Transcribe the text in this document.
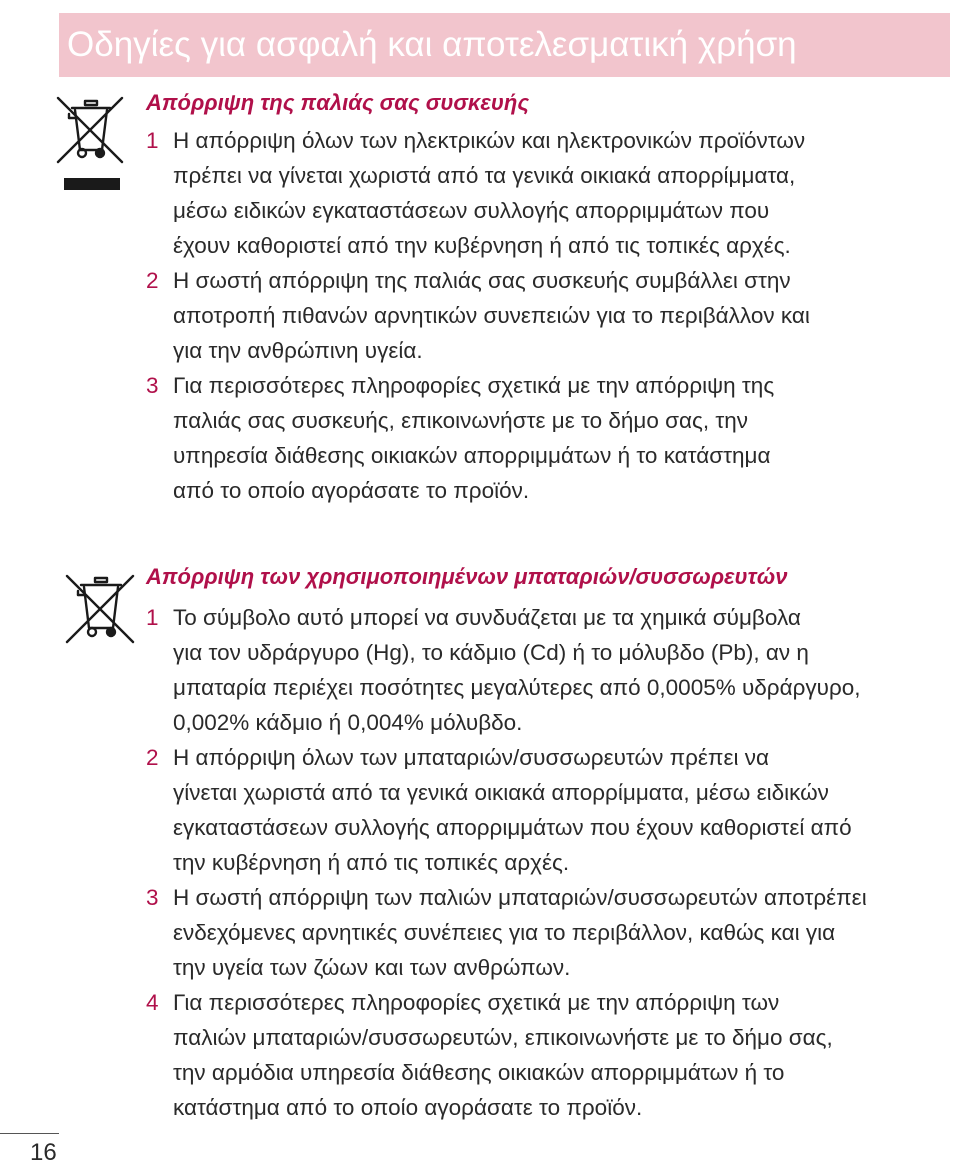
Οδηγίες για ασφαλή και αποτελεσματική χρήση
Απόρριψη της παλιάς σας συσκευής
1 Η απόρριψη όλων των ηλεκτρικών και ηλεκτρονικών προϊόντων
πρέπει να γίνεται χωριστά από τα γενικά οικιακά απορρίμματα,
μέσω ειδικών εγκαταστάσεων συλλογής απορριμμάτων που
έχουν καθοριστεί από την κυβέρνηση ή από τις τοπικές αρχές.
2 Η σωστή απόρριψη της παλιάς σας συσκευής συμβάλλει στην
αποτροπή πιθανών αρνητικών συνεπειών για το περιβάλλον και
για την ανθρώπινη υγεία.
3 Για περισσότερες πληροφορίες σχετικά με την απόρριψη της
παλιάς σας συσκευής, επικοινωνήστε με το δήμο σας, την
υπηρεσία διάθεσης οικιακών απορριμμάτων ή το κατάστημα
από το οποίο αγοράσατε το προϊόν.
Απόρριψη των χρησιμοποιημένων μπαταριών/συσσωρευτών
1 Το σύμβολο αυτό μπορεί να συνδυάζεται με τα χημικά σύμβολα
για τον υδράργυρο (Hg), το κάδμιο (Cd) ή το μόλυβδο (Pb), αν η
μπαταρία περιέχει ποσότητες μεγαλύτερες από 0,0005% υδράργυρο,
0,002% κάδμιο ή 0,004% μόλυβδο.
2 Η απόρριψη όλων των μπαταριών/συσσωρευτών πρέπει να
γίνεται χωριστά από τα γενικά οικιακά απορρίμματα, μέσω ειδικών
εγκαταστάσεων συλλογής απορριμμάτων που έχουν καθοριστεί από
την κυβέρνηση ή από τις τοπικές αρχές.
3 Η σωστή απόρριψη των παλιών μπαταριών/συσσωρευτών αποτρέπει
ενδεχόμενες αρνητικές συνέπειες για το περιβάλλον, καθώς και για
την υγεία των ζώων και των ανθρώπων.
4 Για περισσότερες πληροφορίες σχετικά με την απόρριψη των
παλιών μπαταριών/συσσωρευτών, επικοινωνήστε με το δήμο σας,
την αρμόδια υπηρεσία διάθεσης οικιακών απορριμμάτων ή το
κατάστημα από το οποίο αγοράσατε το προϊόν.
16
